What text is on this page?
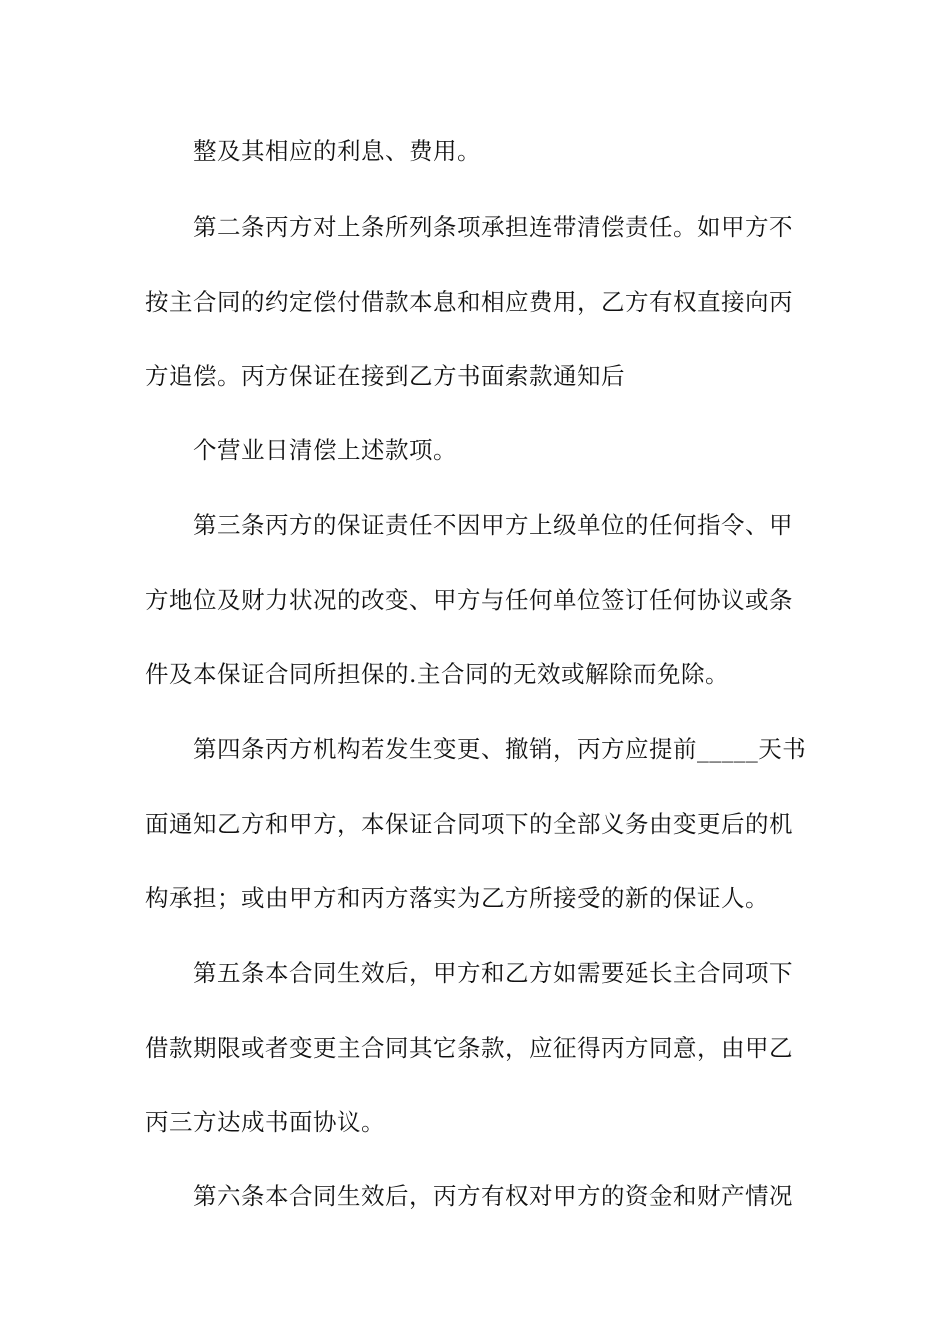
整及其相应的利息、费用。
第二条丙方对上条所列条项承担连带清偿责任。如甲方不
按主合同的约定偿付借款本息和相应费用，乙方有权直接向丙
方追偿。丙方保证在接到乙方书面索款通知后
个营业日清偿上述款项。
第三条丙方的保证责任不因甲方上级单位的任何指令、甲
方地位及财力状况的改变、甲方与任何单位签订任何协议或条
件及本保证合同所担保的.主合同的无效或解除而免除。
第四条丙方机构若发生变更、撤销，丙方应提前_____天书
面通知乙方和甲方，本保证合同项下的全部义务由变更后的机
构承担；或由甲方和丙方落实为乙方所接受的新的保证人。
第五条本合同生效后，甲方和乙方如需要延长主合同项下
借款期限或者变更主合同其它条款，应征得丙方同意，由甲乙
丙三方达成书面协议。
第六条本合同生效后，丙方有权对甲方的资金和财产情况
